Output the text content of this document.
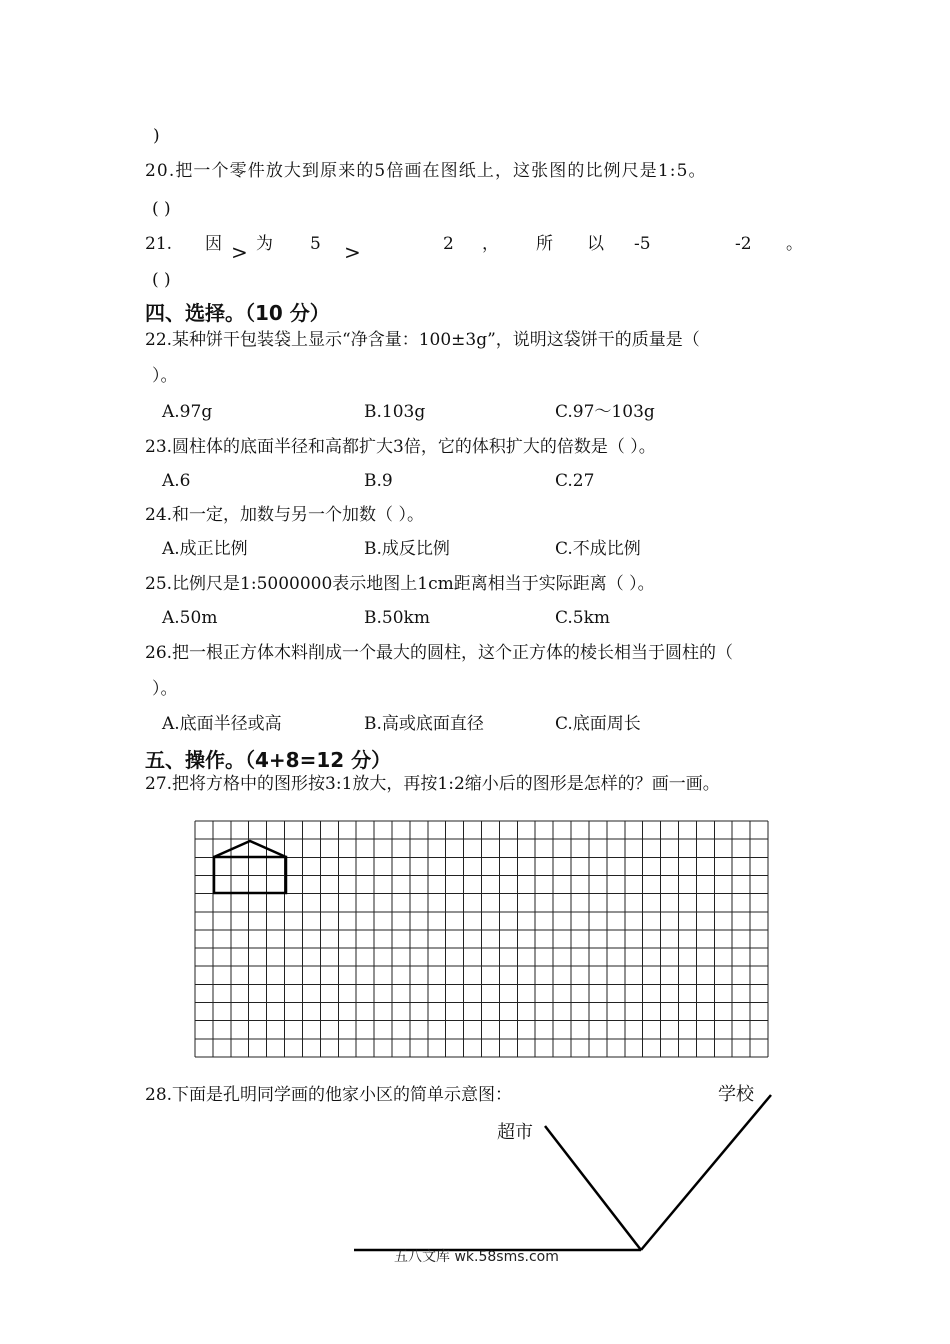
)
20.把一个零件放大到原来的5倍画在图纸上，这张图的比例尺是1:5。
( )
21. 因 > 为 5 >	2 ， 所 以 -5	-2 。
( )
四、选择。（10 分）
22.某种饼干包装袋上显示“净含量：100±3g”，说明这袋饼干的质量是（
）。
A.97g	B.103g	C.97～103g
23.圆柱体的底面半径和高都扩大3倍，它的体积扩大的倍数是（ ）。
A.6	B.9	C.27
24.和一定，加数与另一个加数（ ）。
A.成正比例	B.成反比例	C.不成比例
25.比例尺是1:5000000表示地图上1cm距离相当于实际距离（ ）。
A.50m	B.50km	C.5km
26.把一根正方体木料削成一个最大的圆柱，这个正方体的棱长相当于圆柱的（
）。
A.底面半径或高	B.高或底面直径	C.底面周长
五、操作。（4+8=12 分）
27.把将方格中的图形按3:1放大，再按1:2缩小后的图形是怎样的？画一画。
28.下面是孔明同学画的他家小区的简单示意图：	学校
超市
五八文库 wk.58sms.com
